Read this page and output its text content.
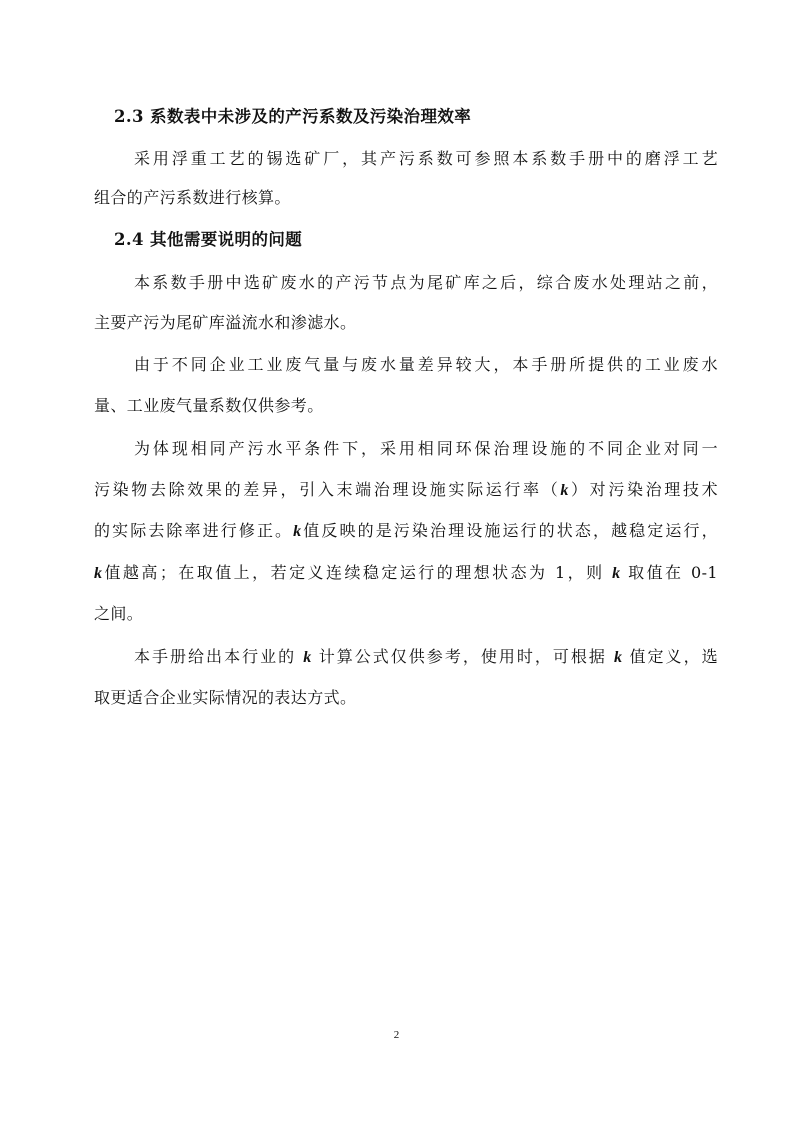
2.3 系数表中未涉及的产污系数及污染治理效率
采用浮重工艺的锡选矿厂，其产污系数可参照本系数手册中的磨浮工艺
组合的产污系数进行核算。
2.4 其他需要说明的问题
本系数手册中选矿废水的产污节点为尾矿库之后，综合废水处理站之前，
主要产污为尾矿库溢流水和渗滤水。
由于不同企业工业废气量与废水量差异较大，本手册所提供的工业废水
量、工业废气量系数仅供参考。
为体现相同产污水平条件下，采用相同环保治理设施的不同企业对同一
污染物去除效果的差异，引入末端治理设施实际运行率（k）对污染治理技术
的实际去除率进行修正。k值反映的是污染治理设施运行的状态，越稳定运行，
k值越高；在取值上，若定义连续稳定运行的理想状态为 1，则 k 取值在 0-1
之间。
本手册给出本行业的 k 计算公式仅供参考，使用时，可根据 k 值定义，选
取更适合企业实际情况的表达方式。
2
